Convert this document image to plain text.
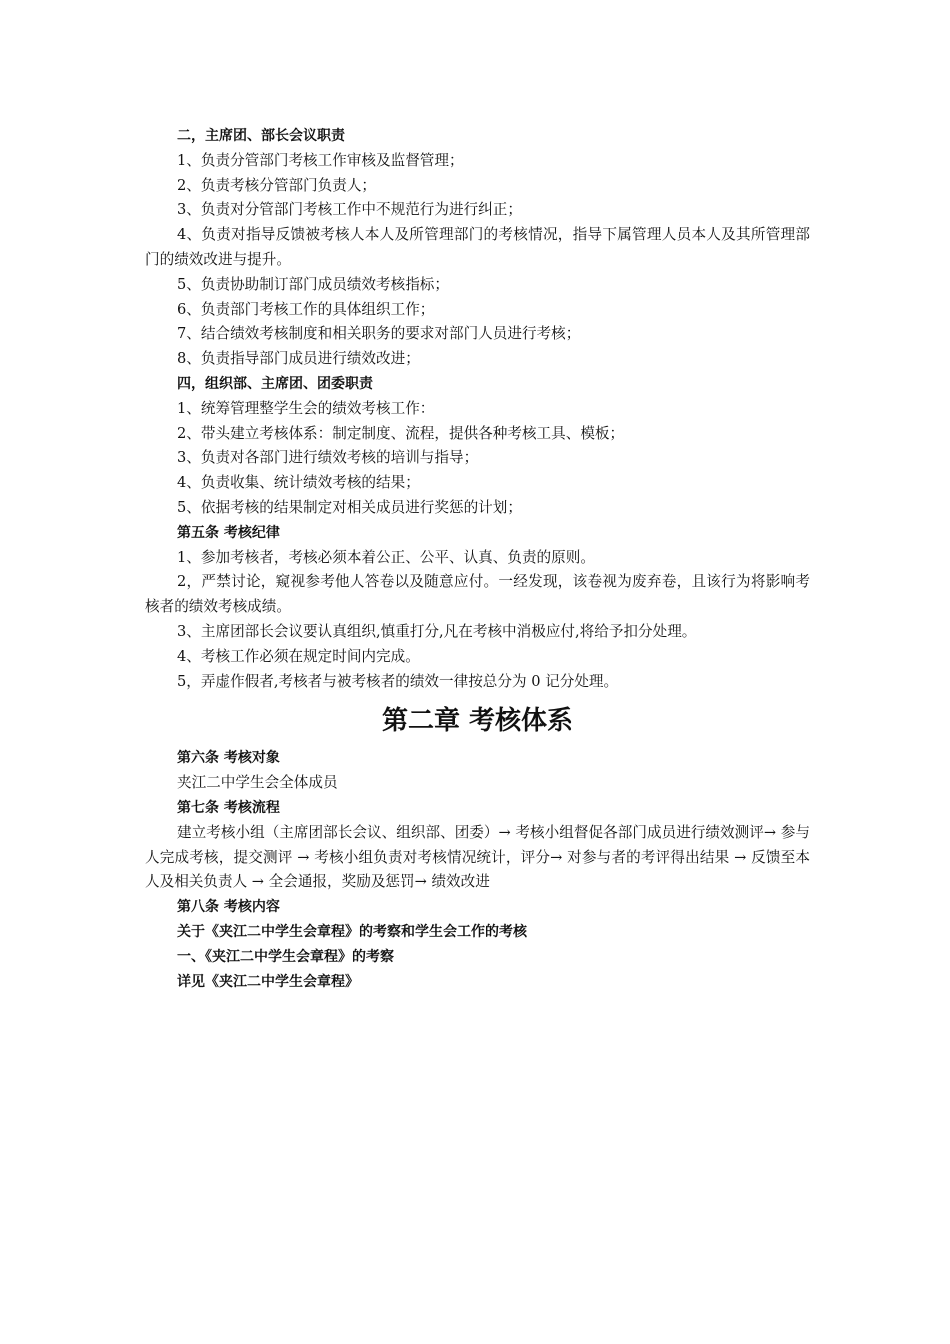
二，主席团、部长会议职责

1、负责分管部门考核工作审核及监督管理；

2、负责考核分管部门负责人；

3、负责对分管部门考核工作中不规范行为进行纠正；

4、负责对指导反馈被考核人本人及所管理部门的考核情况，指导下属管理人员本人及其所管理部门的绩效改进与提升。

5、负责协助制订部门成员绩效考核指标；

6、负责部门考核工作的具体组织工作；

7、结合绩效考核制度和相关职务的要求对部门人员进行考核；

8、负责指导部门成员进行绩效改进；

四，组织部、主席团、团委职责

1、统筹管理整学生会的绩效考核工作：

2、带头建立考核体系：制定制度、流程，提供各种考核工具、模板；

3、负责对各部门进行绩效考核的培训与指导；

4、负责收集、统计绩效考核的结果；

5、依据考核的结果制定对相关成员进行奖惩的计划；

第五条 考核纪律

1、参加考核者，考核必须本着公正、公平、认真、负责的原则。

2，严禁讨论，窥视参考他人答卷以及随意应付。一经发现，该卷视为废弃卷，且该行为将影响考核者的绩效考核成绩。

3、主席团部长会议要认真组织,慎重打分,凡在考核中消极应付,将给予扣分处理。

4、考核工作必须在规定时间内完成。

5，弄虚作假者,考核者与被考核者的绩效一律按总分为 0 记分处理。

第二章 考核体系

第六条 考核对象

夹江二中学生会全体成员

第七条 考核流程

建立考核小组（主席团部长会议、组织部、团委）→ 考核小组督促各部门成员进行绩效测评→ 参与人完成考核，提交测评 → 考核小组负责对考核情况统计，评分→ 对参与者的考评得出结果 → 反馈至本人及相关负责人 → 全会通报，奖励及惩罚→ 绩效改进

第八条 考核内容

关于《夹江二中学生会章程》的考察和学生会工作的考核

一、《夹江二中学生会章程》的考察

详见《夹江二中学生会章程》
